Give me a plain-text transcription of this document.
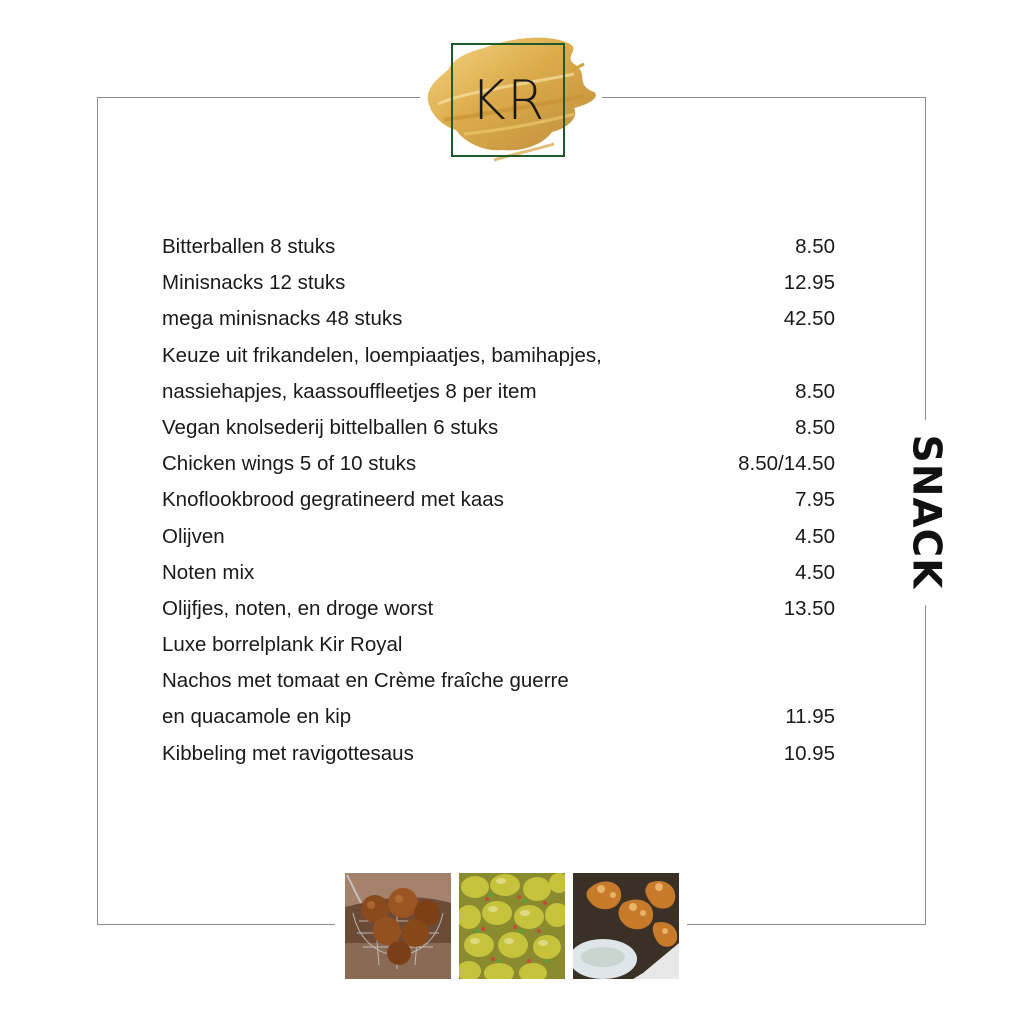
KR
SNACK
Bitterballen 8 stuks	8.50
Minisnacks 12 stuks	12.95
mega minisnacks 48 stuks	42.50
Keuze uit frikandelen, loempiaatjes, bamihapjes,
nassiehapjes, kaassouffleetjes 8 per item	8.50
Vegan knolsederij bittelballen 6 stuks	8.50
Chicken wings 5 of 10 stuks	8.50/14.50
Knoflookbrood gegratineerd met kaas	7.95
Olijven	4.50
Noten mix	4.50
Olijfjes, noten, en droge worst	13.50
Luxe borrelplank Kir Royal
Nachos met tomaat en Crème fraîche guerre
en quacamole en kip	11.95
Kibbeling met ravigottesaus	10.95
